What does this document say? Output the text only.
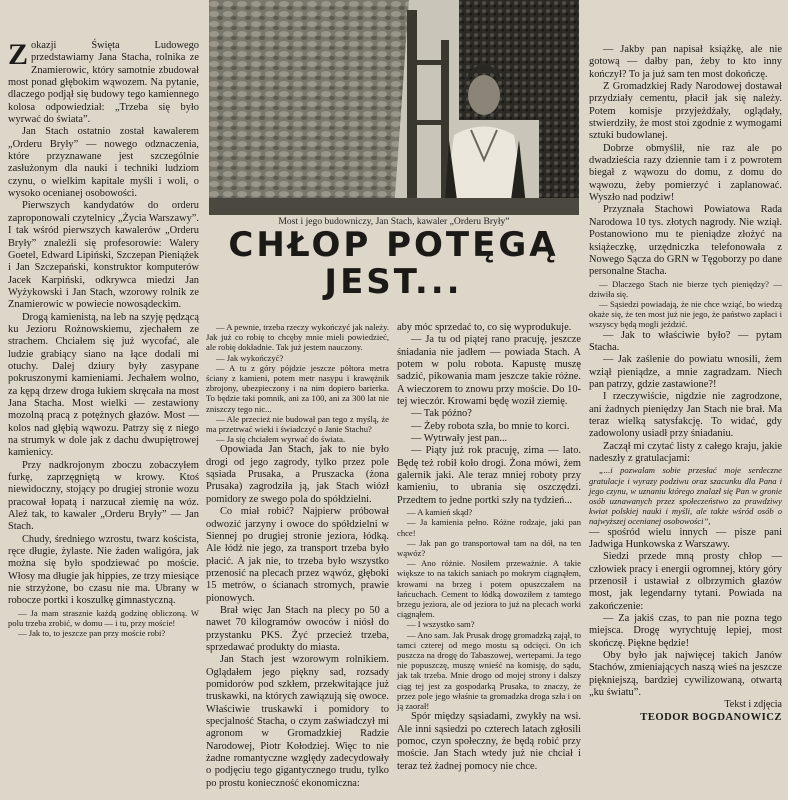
Most i jego budowniczy, Jan Stach, kawaler „Orderu Bryły”
CHŁOP POTĘGĄ
JEST...

Zokazji Święta Ludowego przedstawiamy Jana Stacha, rolnika ze Znamierowic, który samotnie zbudował most ponad głębokim wąwozem. Na pytanie, dlaczego podjął się budowy tego kamiennego kolosa odpowiedział: „Trzeba się było wyrwać do świata”.

Jan Stach ostatnio został kawalerem „Orderu Bryły” — nowego odznaczenia, które przyznawane jest szczególnie zasłużonym dla nauki i techniki ludziom czynu, o wielkim kapitale myśli i woli, o wysoko ocenianej osobowości.

Pierwszych kandydatów do orderu zaproponowali czytelnicy „Życia Warszawy”. I tak wśród pierwszych kawalerów „Orderu Bryły” znaleźli się profesorowie: Walery Goetel, Edward Lipiński, Szczepan Pieniążek i Jan Szczepański, konstruktor komputerów Jacek Karpiński, odkrywca miedzi Jan Wyżykowski i Jan Stach, wzorowy rolnik ze Znamierowic w powiecie nowosądeckim.

Drogą kamienistą, na leb na szyję pędzącą ku Jezioru Rożnowskiemu, zjechałem ze strachem. Chciałem się już wycofać, ale ludzie grabiący siano na łące dodali mi otuchy. Dalej dziury były zasypane pokruszonymi kamieniami. Jechałem wolno, za kępą drzew droga łukiem skręcała na most Jana Stacha. Most wielki — zestawiony mozolną pracą z potężnych głazów. Most — kolos nad głębią wąwozu. Patrzy się z niego na strumyk w dole jak z dachu dwupiętrowej kamienicy.

Przy nadkrojonym zboczu zobaczyłem furkę, zaprzęgniętą w krowy. Ktoś niewidoczny, stojący po drugiej stronie wozu pracował łopatą i narzucał ziemię na wóz. Aleź tak, to kawaler „Orderu Bryły” — Jan Stach.

Chudy, średniego wzrostu, twarz koścista, ręce długie, żylaste. Nie żaden waligóra, jak można się było spodziewać po moście. Włosy ma długie jak hippies, ze trzy miesiące nie strzyżone, bo czasu nie ma. Ubrany w robocze portki i koszulkę gimnastyczną.

— Ja mam strasznie każdą godzinę obliczoną. W polu trzeba zrobić, w domu — i tu, przy moście!

— Jak to, to jeszcze pan przy moście robi?

— A pewnie, trzeba rzeczy wykończyć jak należy. Jak już co robię to chcęby mnie mieli powiedzieć, ale robię dokładnie. Tak już jestem nauczony.

— Jak wykończyć?

— A tu z góry pójdzie jeszcze półtora metra ściany z kamieni, potem metr nasypu i krawężnik zbrojony, ubezpieczony i na nim dopiero barierka. To będzie taki pomnik, ani za 100, ani za 300 lat nie zniszczy tego nic...

— Ale przecież nie budował pan tego z myślą, że ma przetrwać wieki i świadczyć o Janie Stachu?

— Ja się chciałem wyrwać do świata.

Opowiada Jan Stach, jak to nie było drogi od jego zagrody, tylko przez pole sąsiada Prusaka, a Pruszacka (żona Prusaka) zagrodziła ją, jak Stach wiózł pomidory ze swego pola do spółdzielni.

Co miał robić? Najpierw próbował odwozić jarzyny i owoce do spółdzielni w Siennej po drugiej stronie jeziora, łódką. Ale łódź nie jego, za transport trzeba było płacić. A jak nie, to trzeba było wszystko przenosić na plecach przez wąwóz, głęboki 15 metrów, o ścianach stromych, prawie pionowych.

Brał więc Jan Stach na plecy po 50 a nawet 70 kilogramów owoców i niósł do przystanku PKS. Żyć przecież trzeba, sprzedawać produkty do miasta.

Jan Stach jest wzorowym rolnikiem. Oglądałem jego piękny sad, rozsady pomidorów pod szkłem, przekwitające już truskawki, na których zawiązują się owoce. Właściwie truskawki i pomidory to specjalność Stacha, o czym zaświadczył mi agronom w Gromadzkiej Radzie Narodowej, Piotr Kołodziej. Więc to nie żadne romantyczne względy zadecydowały o podjęciu tego gigantycznego trudu, tylko po prostu konieczność ekonomiczna:

aby móc sprzedać to, co się wyprodukuje.

— Ja tu od piątej rano pracuję, jeszcze śniadania nie jadłem — powiada Stach. A potem w polu robota. Kapustę muszę sadzić, pikowania mam jeszcze takie różne. A wieczorem to znowu przy moście. Do 10-tej wieczór. Krowami będę woził ziemię.

— Tak późno?

— Żeby robota szła, bo mnie to korci.

— Wytrwały jest pan...

— Piąty już rok pracuję, zima — lato. Będę też robił koło drogi. Żona mówi, żem galernik jaki. Ale teraz mniej roboty przy kamieniu, to ubrania się oszczędzi. Przedtem to jedne portki szły na tydzień...

— A kamień skąd?

— Ja kamienia pełno. Różne rodzaje, jaki pan chce!

— Jak pan go transportował tam na dół, na ten wąwóz?

— Ano różnie. Nosiłem przeważnie. A takie większe to na takich saniach po mokrym ciągnąłem, krowami na brzeg i potem opuszczałem na łańcuchach. Cement to łódką dowoziłem z tamtego brzegu jeziora, ale od jeziora to już na plecach worki ciągnąłem.

— I wszystko sam?

— Ano sam. Jak Prusak drogę gromadzką zajął, to tamci czterej od mego mostu są odcięci. On ich puszcza na drogę do Tabaszowej, wertepami. Ja tego nie popuszczę, muszę wnieść na komisję, do sądu, jak tak trzeba. Mnie drogo od mojej strony i dalszy ciąg tej jest za gospodarką Prusaka, to znaczy, że przez pole jego właśnie ta gromadzka droga szła i on ją zaorał!

Spór między sąsiadami, zwykły na wsi. Ale inni sąsiedzi po czterech latach zgłosili pomoc, czyn społeczny, że będą robić przy moście. Jan Stach wtedy już nie chciał i teraz też żadnej pomocy nie chce.

— Jakby pan napisał książkę, ale nie gotową — dałby pan, żeby to kto inny kończył? To ja już sam ten most dokończę.

Z Gromadzkiej Rady Narodowej dostawał przydziały cementu, płacił jak się należy. Potem komisje przyjeżdżały, oglądały, stwierdziły, że most stoi zgodnie z wymogami sztuki budowlanej.

Dobrze obmyślił, nie raz ale po dwadzieścia razy dziennie tam i z powrotem biegał z wąwozu do domu, z domu do wąwozu, żeby pomierzyć i zaplanować. Wyszło nad podziw!

Przyznała Stachowi Powiatowa Rada Narodowa 10 tys. złotych nagrody. Nie wziął. Postanowiono mu te pieniądze złożyć na książeczkę, urzędniczka telefonowała z Nowego Sącza do GRN w Tęgoborzy po dane personalne Stacha.

— Dlaczego Stach nie bierze tych pieniędzy? — dziwiła się.

— Sąsiedzi powiadają, że nie chce wziąć, bo wiedzą okaże się, że ten most już nie jego, że państwo zapłaci i wszyscy będą mogli jeździć.

— Jak to właściwie było? — pytam Stacha.

— Jak zaślenie do powiatu wnosili, żem wziął pieniądze, a mnie zagradzam. Niech pan patrzy, gdzie zastawione?!

I rzeczywiście, nigdzie nie zagrodzone, ani żadnych pieniędzy Jan Stach nie brał. Ma teraz wielką satysfakcję. To widać, gdy zadowolony usiadł przy śniadaniu.

Zaczął mi czytać listy z całego kraju, jakie nadeszły z gratulacjami:

„...i pozwalam sobie przesłać moje serdeczne gratulacje i wyrazy podziwu oraz szacunku dla Pana i jego czynu, w uznaniu którego znalazł się Pan w gronie osób uznawanych przez społeczeństwo za prawdziwy kwiat polskiej nauki i myśli, ale także wśród osób o najwyższej ocenianej osobowości”,

— spośród wielu innych — pisze pani Jadwiga Hunkowska z Warszawy.

Siedzi przede mną prosty chłop — człowiek pracy i energii ogromnej, który góry przenosił i ustawiał z olbrzymich głazów most, jak legendarny tytani. Powiada na zakończenie:

— Za jakiś czas, to pan nie pozna tego miejsca. Drogę wyrychtuję lepiej, most skończę. Piękne będzie!

Oby było jak najwięcej takich Janów Stachów, zmieniających naszą wieś na jeszcze piękniejszą, bardziej cywilizowaną, otwartą „ku światu”.

Tekst i zdjęcia
TEODOR BOGDANOWICZ
